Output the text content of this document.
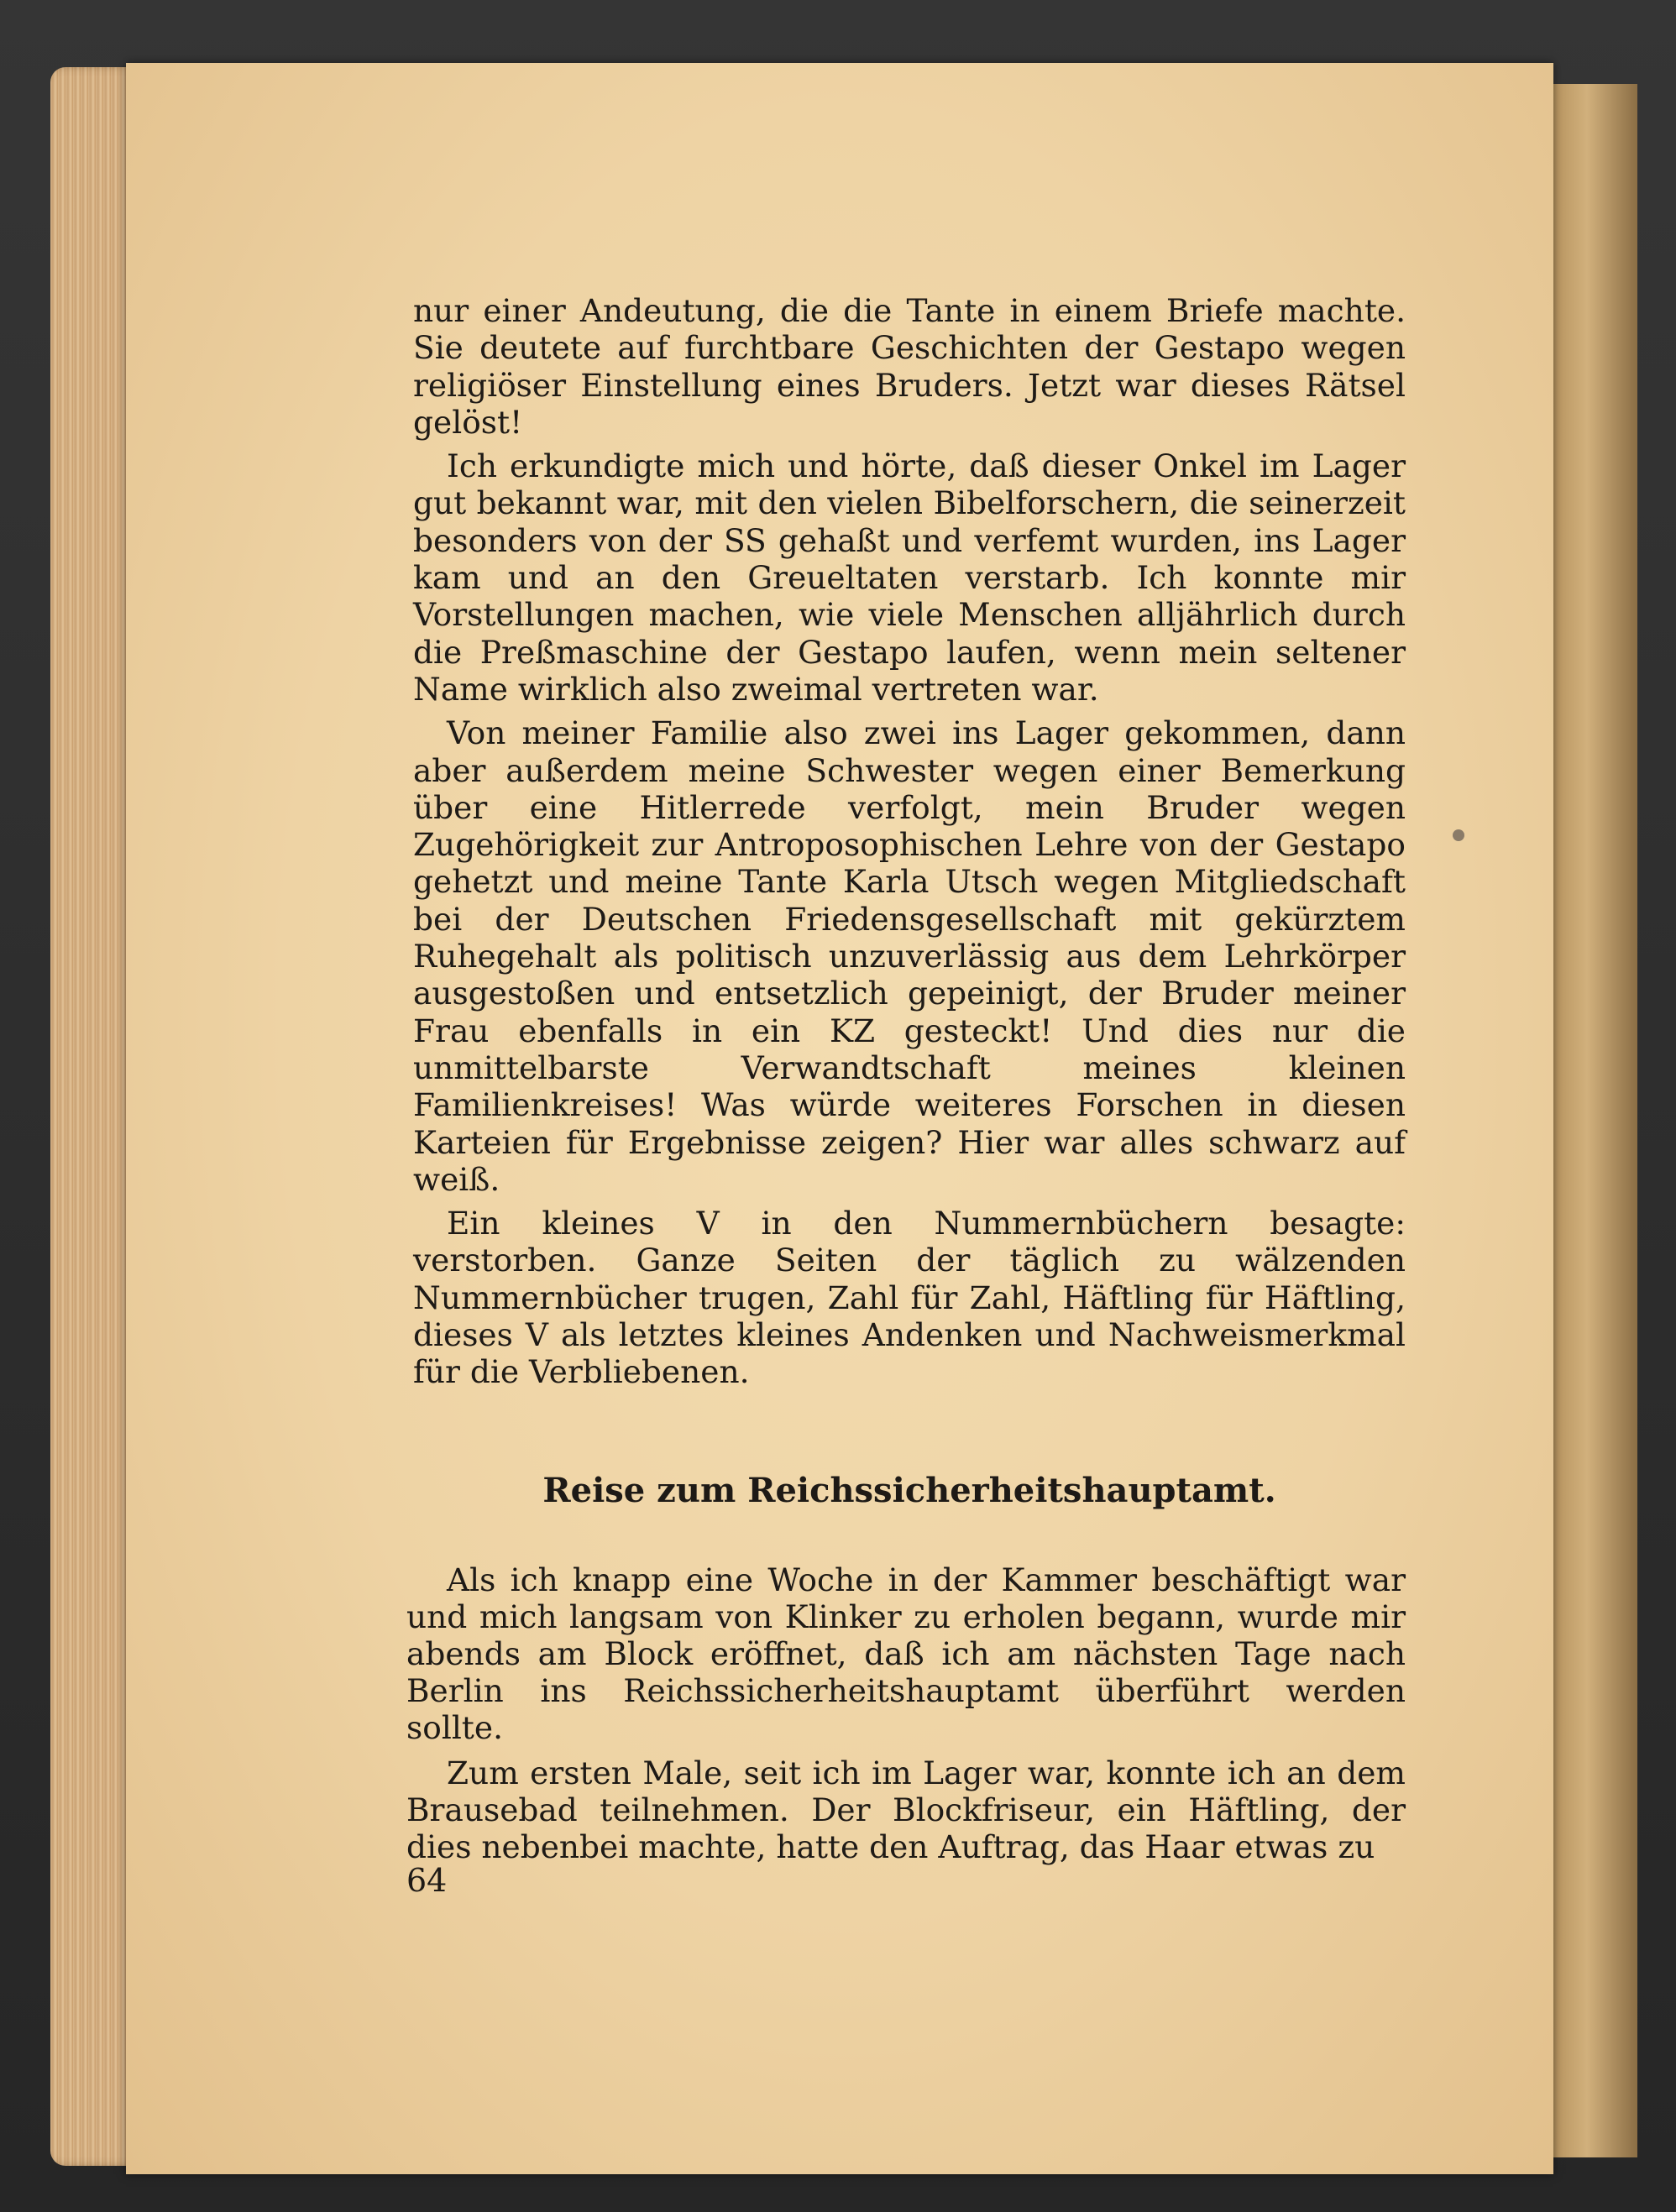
nur einer Andeutung, die die Tante in einem Briefe machte. Sie deutete auf furchtbare Geschichten der Gestapo wegen religiöser Einstellung eines Bruders. Jetzt war dieses Rätsel gelöst!

Ich erkundigte mich und hörte, daß dieser Onkel im Lager gut bekannt war, mit den vielen Bibelforschern, die seinerzeit besonders von der SS gehaßt und verfemt wurden, ins Lager kam und an den Greueltaten verstarb. Ich konnte mir Vorstellungen machen, wie viele Menschen alljährlich durch die Preßmaschine der Gestapo laufen, wenn mein seltener Name wirklich also zweimal vertreten war.

Von meiner Familie also zwei ins Lager gekommen, dann aber außerdem meine Schwester wegen einer Bemerkung über eine Hitlerrede verfolgt, mein Bruder wegen Zugehörigkeit zur Antroposophischen Lehre von der Gestapo gehetzt und meine Tante Karla Utsch wegen Mitgliedschaft bei der Deutschen Friedensgesellschaft mit gekürztem Ruhegehalt als politisch unzuverlässig aus dem Lehrkörper ausgestoßen und entsetzlich gepeinigt, der Bruder meiner Frau ebenfalls in ein KZ gesteckt! Und dies nur die unmittelbarste Verwandtschaft meines kleinen Familienkreises! Was würde weiteres Forschen in diesen Karteien für Ergebnisse zeigen? Hier war alles schwarz auf weiß.

Ein kleines V in den Nummernbüchern besagte: verstorben. Ganze Seiten der täglich zu wälzenden Nummernbücher trugen, Zahl für Zahl, Häftling für Häftling, dieses V als letztes kleines Andenken und Nachweismerkmal für die Verbliebenen.

Reise zum Reichssicherheitshauptamt.

Als ich knapp eine Woche in der Kammer beschäftigt war und mich langsam von Klinker zu erholen begann, wurde mir abends am Block eröffnet, daß ich am nächsten Tage nach Berlin ins Reichssicherheitshauptamt überführt werden sollte.

Zum ersten Male, seit ich im Lager war, konnte ich an dem Brausebad teilnehmen. Der Blockfriseur, ein Häftling, der dies nebenbei machte, hatte den Auftrag, das Haar etwas zu

64
